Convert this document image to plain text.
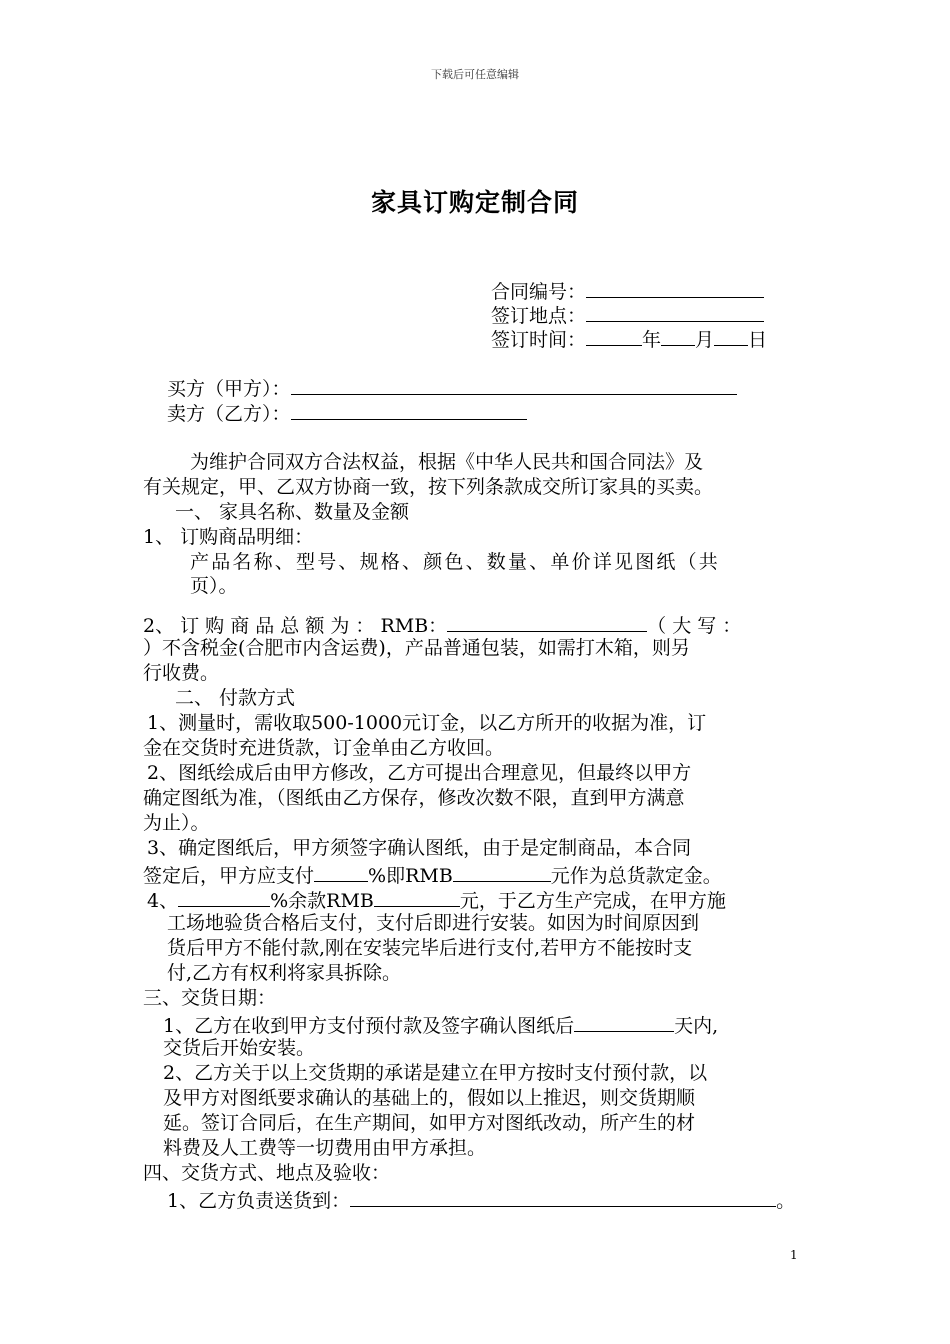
下载后可任意编辑
家具订购定制合同
合同编号：
签订地点：
签订时间：	年 月 日
买方（甲方）：
卖方（乙方）：
为维护合同双方合法权益，根据《中华人民共和国合同法》及
有关规定，甲、乙双方协商一致，按下列条款成交所订家具的买卖。
一、 家具名称、数量及金额
1、 订购商品明细：
产品名称、型号、规格、颜色、数量、单价详见图纸（共
页）。
2、 订 购 商 品 总 额 为 ： RMB：	（ 大 写 ：
）不含税金(合肥市内含运费)，产品普通包装，如需打木箱，则另
行收费。
二、 付款方式
1、测量时，需收取500-1000元订金，以乙方所开的收据为准，订
金在交货时充进货款，订金单由乙方收回。
2、图纸绘成后由甲方修改，乙方可提出合理意见，但最终以甲方
确定图纸为准，（图纸由乙方保存，修改次数不限，直到甲方满意
为止）。
3、确定图纸后，甲方须签字确认图纸，由于是定制商品，本合同
签定后，甲方应支付	%即RMB	元作为总货款定金。
4、	%余款RMB	元，于乙方生产完成，在甲方施
工场地验货合格后支付，支付后即进行安装。如因为时间原因到
货后甲方不能付款,刚在安装完毕后进行支付,若甲方不能按时支
付,乙方有权利将家具拆除。
三、交货日期：
1、乙方在收到甲方支付预付款及签字确认图纸后	天内,
交货后开始安装。
2、乙方关于以上交货期的承诺是建立在甲方按时支付预付款，以
及甲方对图纸要求确认的基础上的，假如以上推迟，则交货期顺
延。签订合同后，在生产期间，如甲方对图纸改动，所产生的材
料费及人工费等一切费用由甲方承担。
四、交货方式、地点及验收：
1、乙方负责送货到：	。
1
